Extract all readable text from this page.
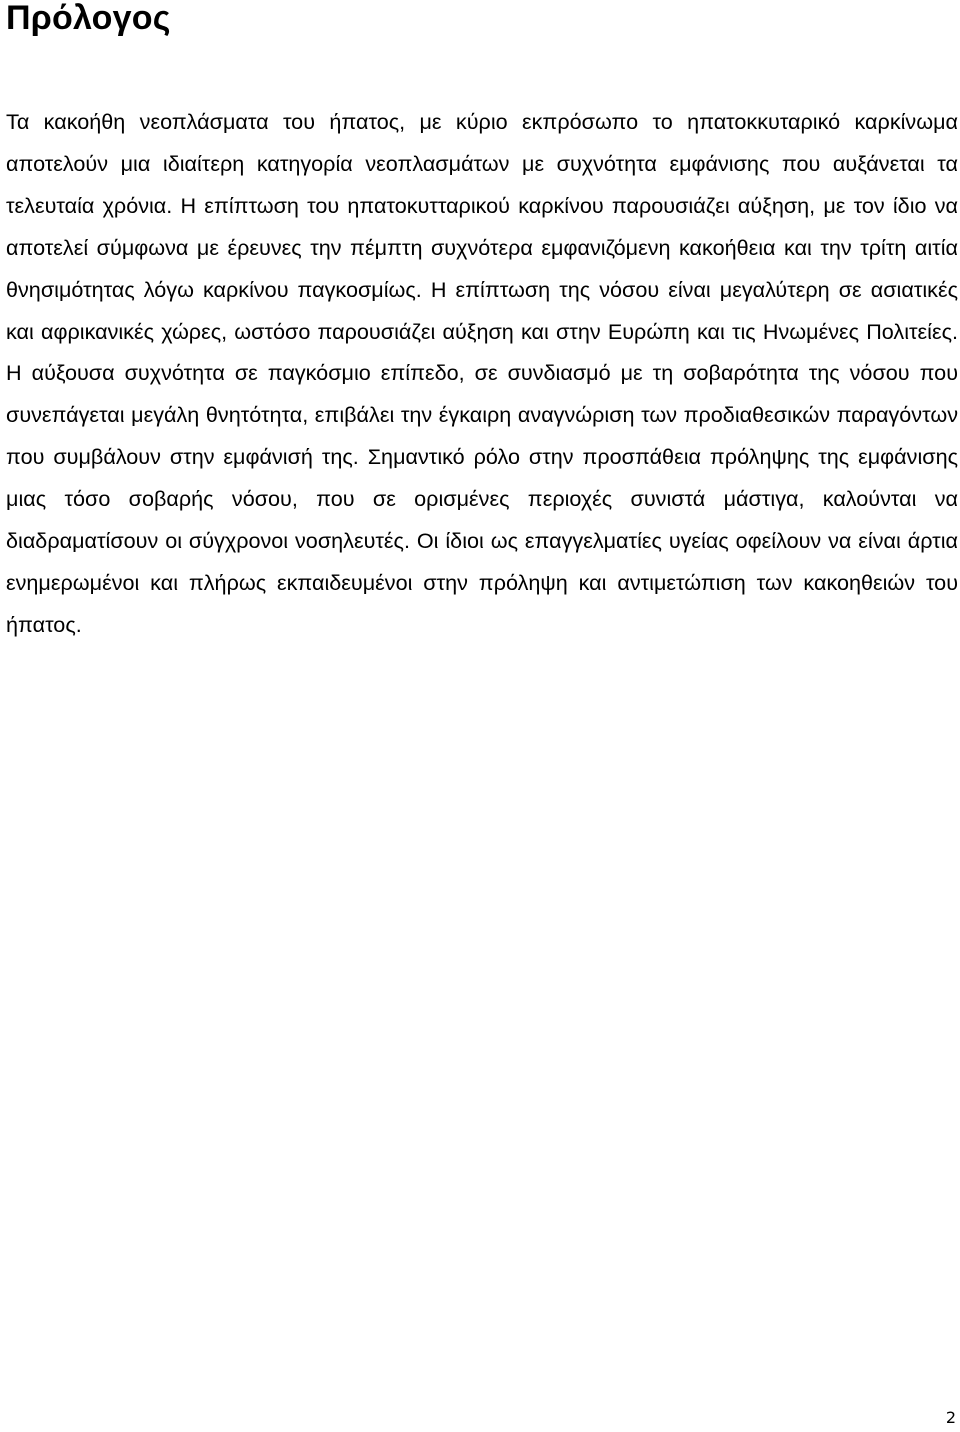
Πρόλογος

Τα κακοήθη νεοπλάσματα του ήπατος, με κύριο εκπρόσωπο το ηπατοκκυταρικό καρκίνωμα αποτελούν μια ιδιαίτερη κατηγορία νεοπλασμάτων με συχνότητα εμφάνισης που αυξάνεται τα τελευταία χρόνια. Η επίπτωση του ηπατοκυτταρικού καρκίνου παρουσιάζει αύξηση, με τον ίδιο να αποτελεί σύμφωνα με έρευνες την πέμπτη συχνότερα εμφανιζόμενη κακοήθεια και την τρίτη αιτία θνησιμότητας λόγω καρκίνου παγκοσμίως. Η επίπτωση της νόσου είναι μεγαλύτερη σε ασιατικές και αφρικανικές χώρες, ωστόσο παρουσιάζει αύξηση και στην Ευρώπη και τις Ηνωμένες Πολιτείες. Η αύξουσα συχνότητα σε παγκόσμιο επίπεδο, σε συνδιασμό με τη σοβαρότητα της νόσου που συνεπάγεται μεγάλη θνητότητα, επιβάλει την έγκαιρη αναγνώριση των προδιαθεσικών παραγόντων που συμβάλουν στην εμφάνισή της. Σημαντικό ρόλο στην προσπάθεια πρόληψης της εμφάνισης μιας τόσο σοβαρής νόσου, που σε ορισμένες περιοχές συνιστά μάστιγα, καλούνται να διαδραματίσουν οι σύγχρονοι νοσηλευτές. Οι ίδιοι ως επαγγελματίες υγείας οφείλουν να είναι άρτια ενημερωμένοι και πλήρως εκπαιδευμένοι στην πρόληψη και αντιμετώπιση των κακοηθειών του ήπατος.

2
